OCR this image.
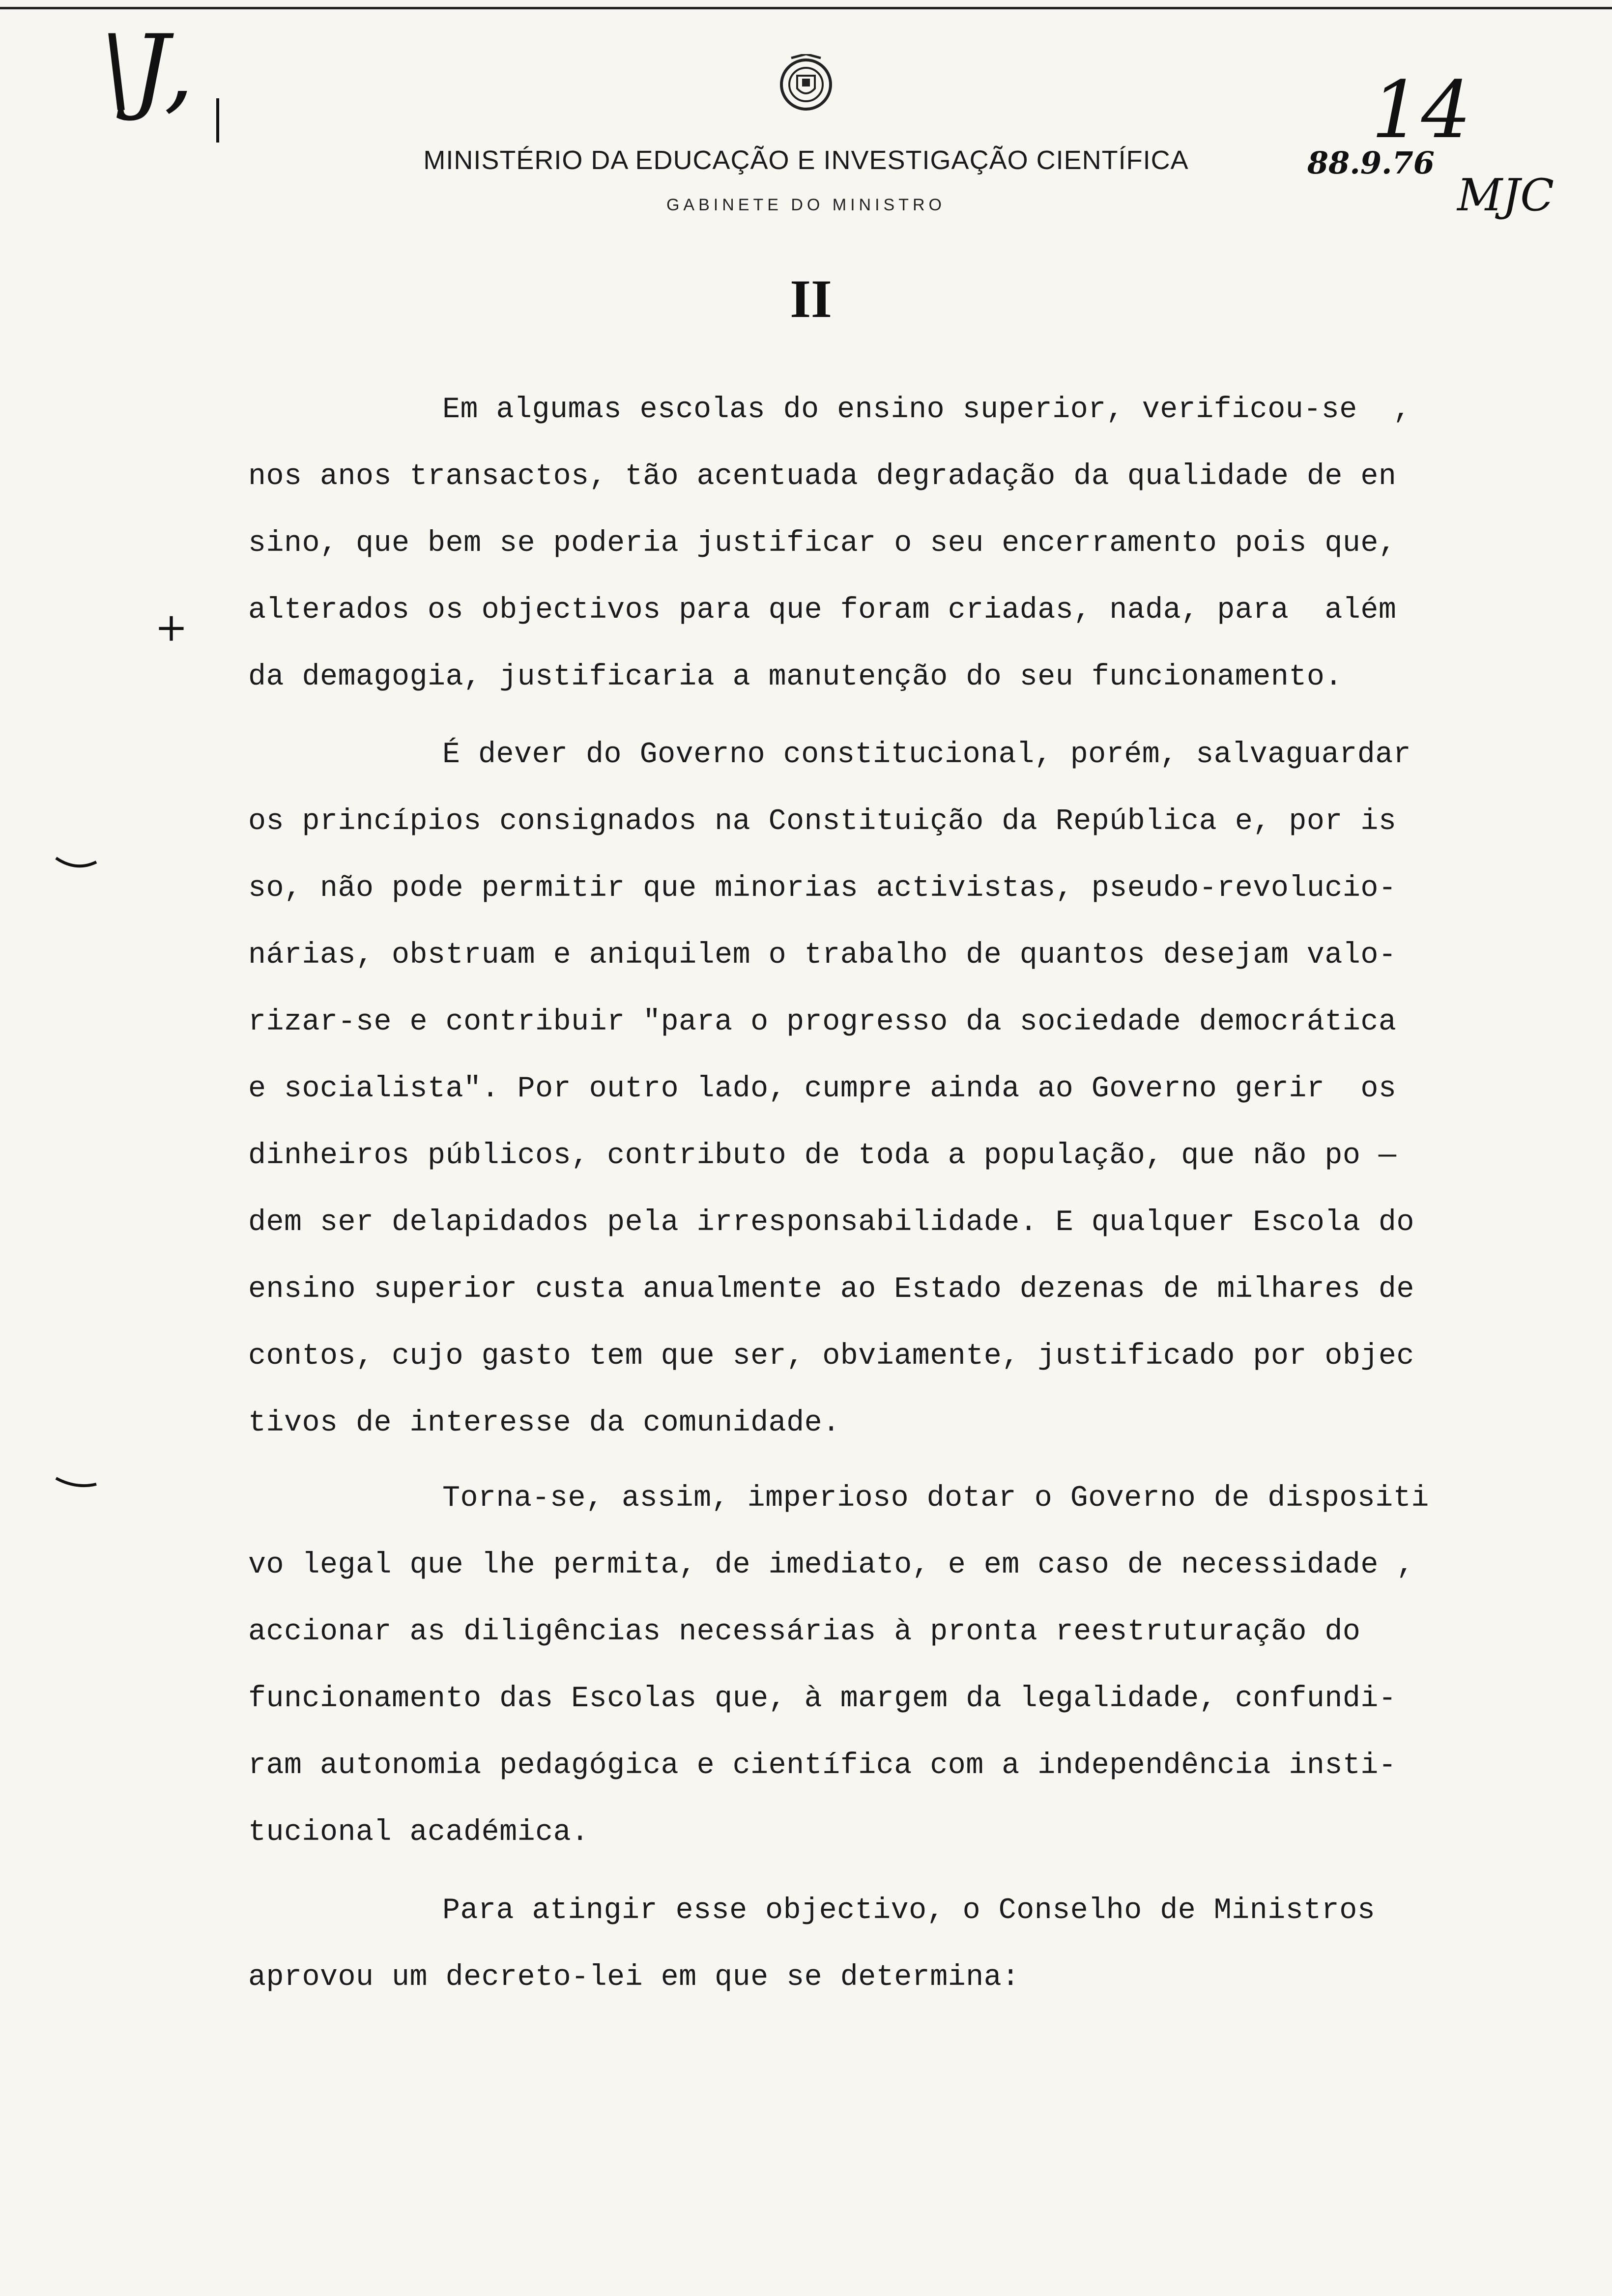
\J,
MINISTÉRIO DA EDUCAÇÃO E INVESTIGAÇÃO CIENTÍFICA
GABINETE DO MINISTRO
14
88.9.76
MJC
II
+
Em algumas escolas do ensino superior, verificou-se  ,
nos anos transactos, tão acentuada degradação da qualidade de en
sino, que bem se poderia justificar o seu encerramento pois que,
alterados os objectivos para que foram criadas, nada, para  além
da demagogia, justificaria a manutenção do seu funcionamento.
É dever do Governo constitucional, porém, salvaguardar
os princípios consignados na Constituição da República e, por is
so, não pode permitir que minorias activistas, pseudo-revolucio-
nárias, obstruam e aniquilem o trabalho de quantos desejam valo-
rizar-se e contribuir "para o progresso da sociedade democrática
e socialista". Por outro lado, cumpre ainda ao Governo gerir  os
dinheiros públicos, contributo de toda a população, que não po —
dem ser delapidados pela irresponsabilidade. E qualquer Escola do
ensino superior custa anualmente ao Estado dezenas de milhares de
contos, cujo gasto tem que ser, obviamente, justificado por objec
tivos de interesse da comunidade.
Torna-se, assim, imperioso dotar o Governo de dispositi
vo legal que lhe permita, de imediato, e em caso de necessidade ,
accionar as diligências necessárias à pronta reestruturação do
funcionamento das Escolas que, à margem da legalidade, confundi-
ram autonomia pedagógica e científica com a independência insti-
tucional académica.
Para atingir esse objectivo, o Conselho de Ministros
aprovou um decreto-lei em que se determina:
